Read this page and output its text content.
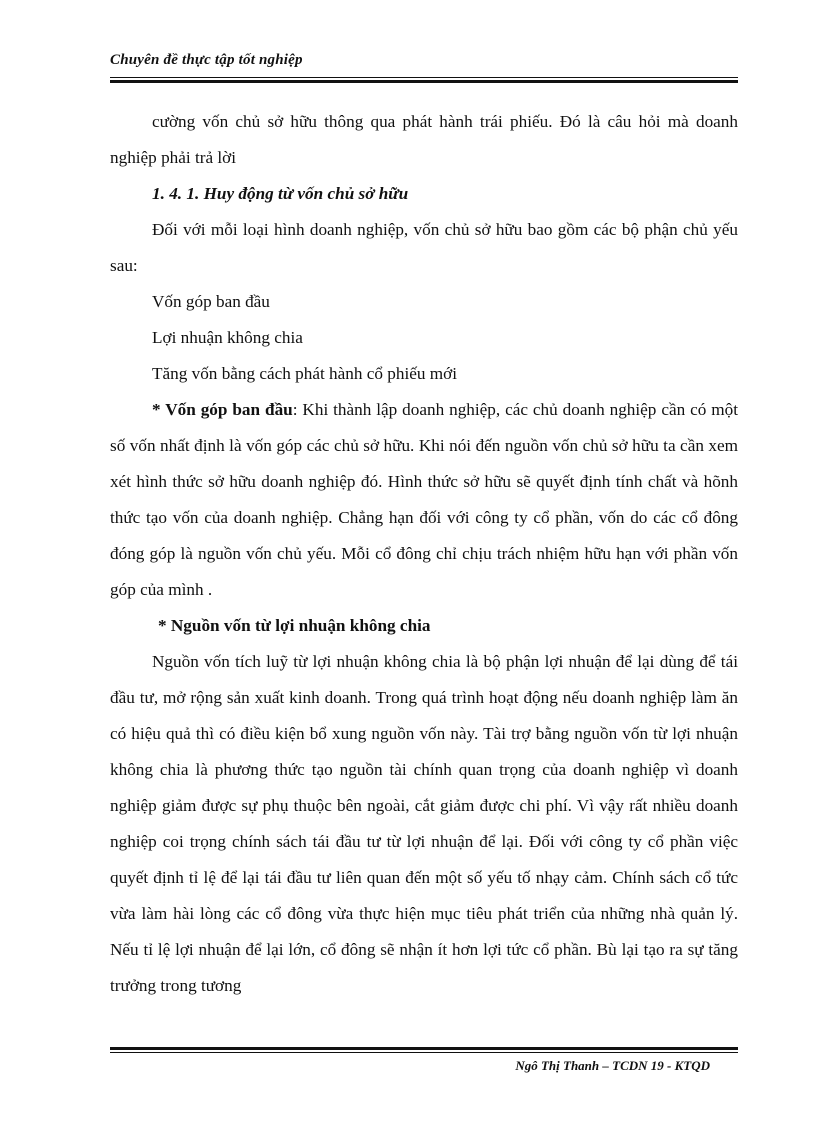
Chuyên đề thực tập tốt nghiệp

cường vốn chủ sở hữu thông qua phát hành trái phiếu. Đó là câu hỏi mà doanh nghiệp phải trả lời

1. 4. 1. Huy động từ vốn chủ sở hữu

Đối với mỗi loại hình doanh nghiệp, vốn chủ sở hữu bao gồm các bộ phận chủ yếu sau:

Vốn góp ban đầu

Lợi nhuận không chia

Tăng vốn bằng cách phát hành cổ phiếu mới

* Vốn góp ban đầu: Khi thành lập doanh nghiệp, các chủ doanh nghiệp cần có một số vốn nhất định là vốn góp các chủ sở hữu. Khi nói đến nguồn vốn chủ sở hữu ta cần xem xét hình thức sở hữu doanh nghiệp đó. Hình thức sở hữu sẽ quyết định tính chất và hõnh thức tạo vốn của doanh nghiệp. Chẳng hạn đối với công ty cổ phần, vốn do các cổ đông đóng góp là nguồn vốn chủ yếu. Mỗi cổ đông chỉ chịu trách nhiệm hữu hạn với phần vốn góp của mình .

* Nguồn vốn từ lợi nhuận không chia

Nguồn vốn tích luỹ từ lợi nhuận không chia là bộ phận lợi nhuận để lại dùng để tái đầu tư, mở rộng sản xuất kinh doanh. Trong quá trình hoạt động nếu doanh nghiệp làm ăn có hiệu quả thì có điều kiện bổ xung nguồn vốn này. Tài trợ bằng nguồn vốn từ lợi nhuận không chia là phương thức tạo nguồn tài chính quan trọng của doanh nghiệp vì doanh nghiệp giảm được sự phụ thuộc bên ngoài, cắt giảm được chi phí. Vì vậy rất nhiều doanh nghiệp coi trọng chính sách tái đầu tư từ lợi nhuận để lại. Đối với công ty cổ phần việc quyết định tỉ lệ để lại tái đầu tư liên quan đến một số yếu tố nhạy cảm. Chính sách cổ tức vừa làm hài lòng các cổ đông vừa thực hiện mục tiêu phát triển của những nhà quản lý. Nếu tỉ lệ lợi nhuận để lại lớn, cổ đông sẽ nhận ít hơn lợi tức cổ phần. Bù lại tạo ra sự tăng trưởng trong tương

Ngô Thị Thanh – TCDN 19 - KTQD
